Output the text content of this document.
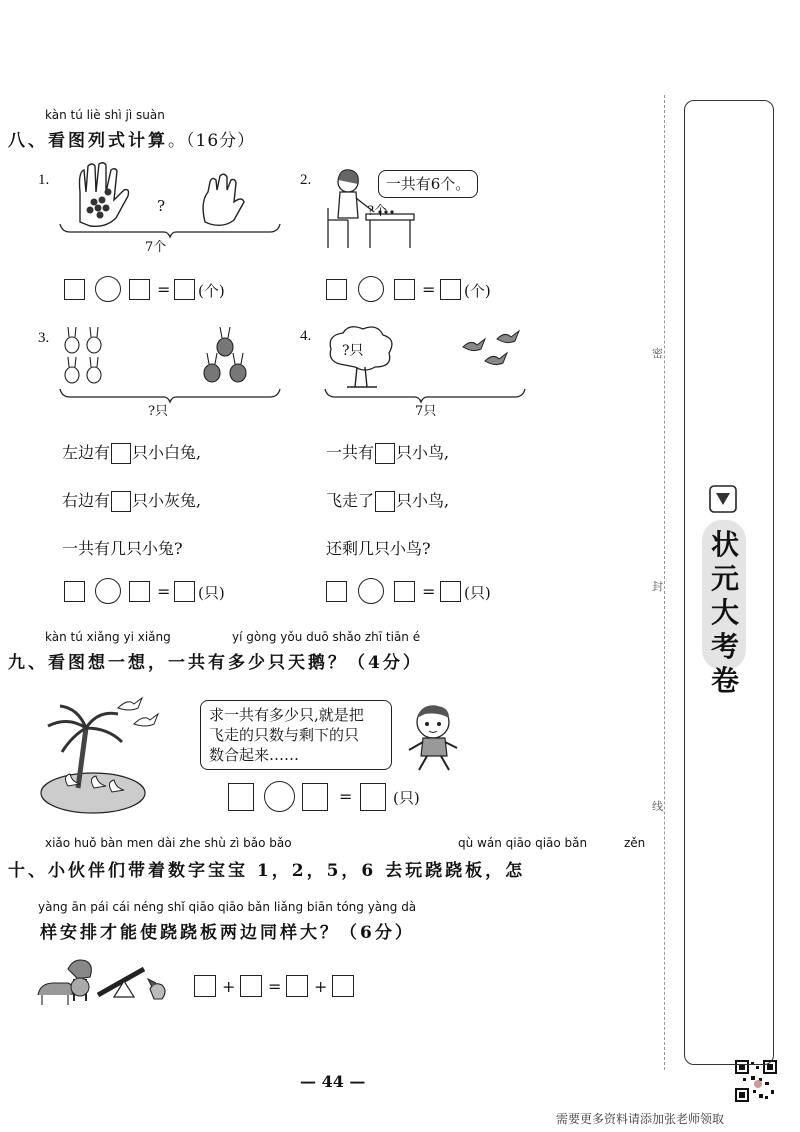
kàn tú liè shì jì suàn
八、看图列式计算。（16分）
1.
?
7个
= (个)
2.	一共有6个。
?个
= (个)
3.
?只
左边有 只小白兔,
右边有 只小灰兔,
一共有几只小兔?
= (只)
4.
?只
7只
一共有 只小鸟,
飞走了 只小鸟,
还剩几只小鸟?
= (只)
kàn tú xiǎng yi xiǎng	yí gòng yǒu duō shǎo zhī tiān é
九、看图想一想，一共有多少只天鹅？（4分）
求一共有多少只,就是把
飞走的只数与剩下的只
数合起来……
=	(只)
xiǎo huǒ bàn men dài zhe shù zì bǎo bǎo	qù wán qiāo qiāo bǎn	zěn
十、小伙伴们带着数字宝宝 1，2，5，6 去玩跷跷板，怎
yàng ān pái cái néng shǐ qiāo qiāo bǎn liǎng biān tóng yàng dà
样安排才能使跷跷板两边同样大？（6分）
+ = +
— 44 —
需要更多资料请添加张老师领取
密
封
线
状元大考卷
